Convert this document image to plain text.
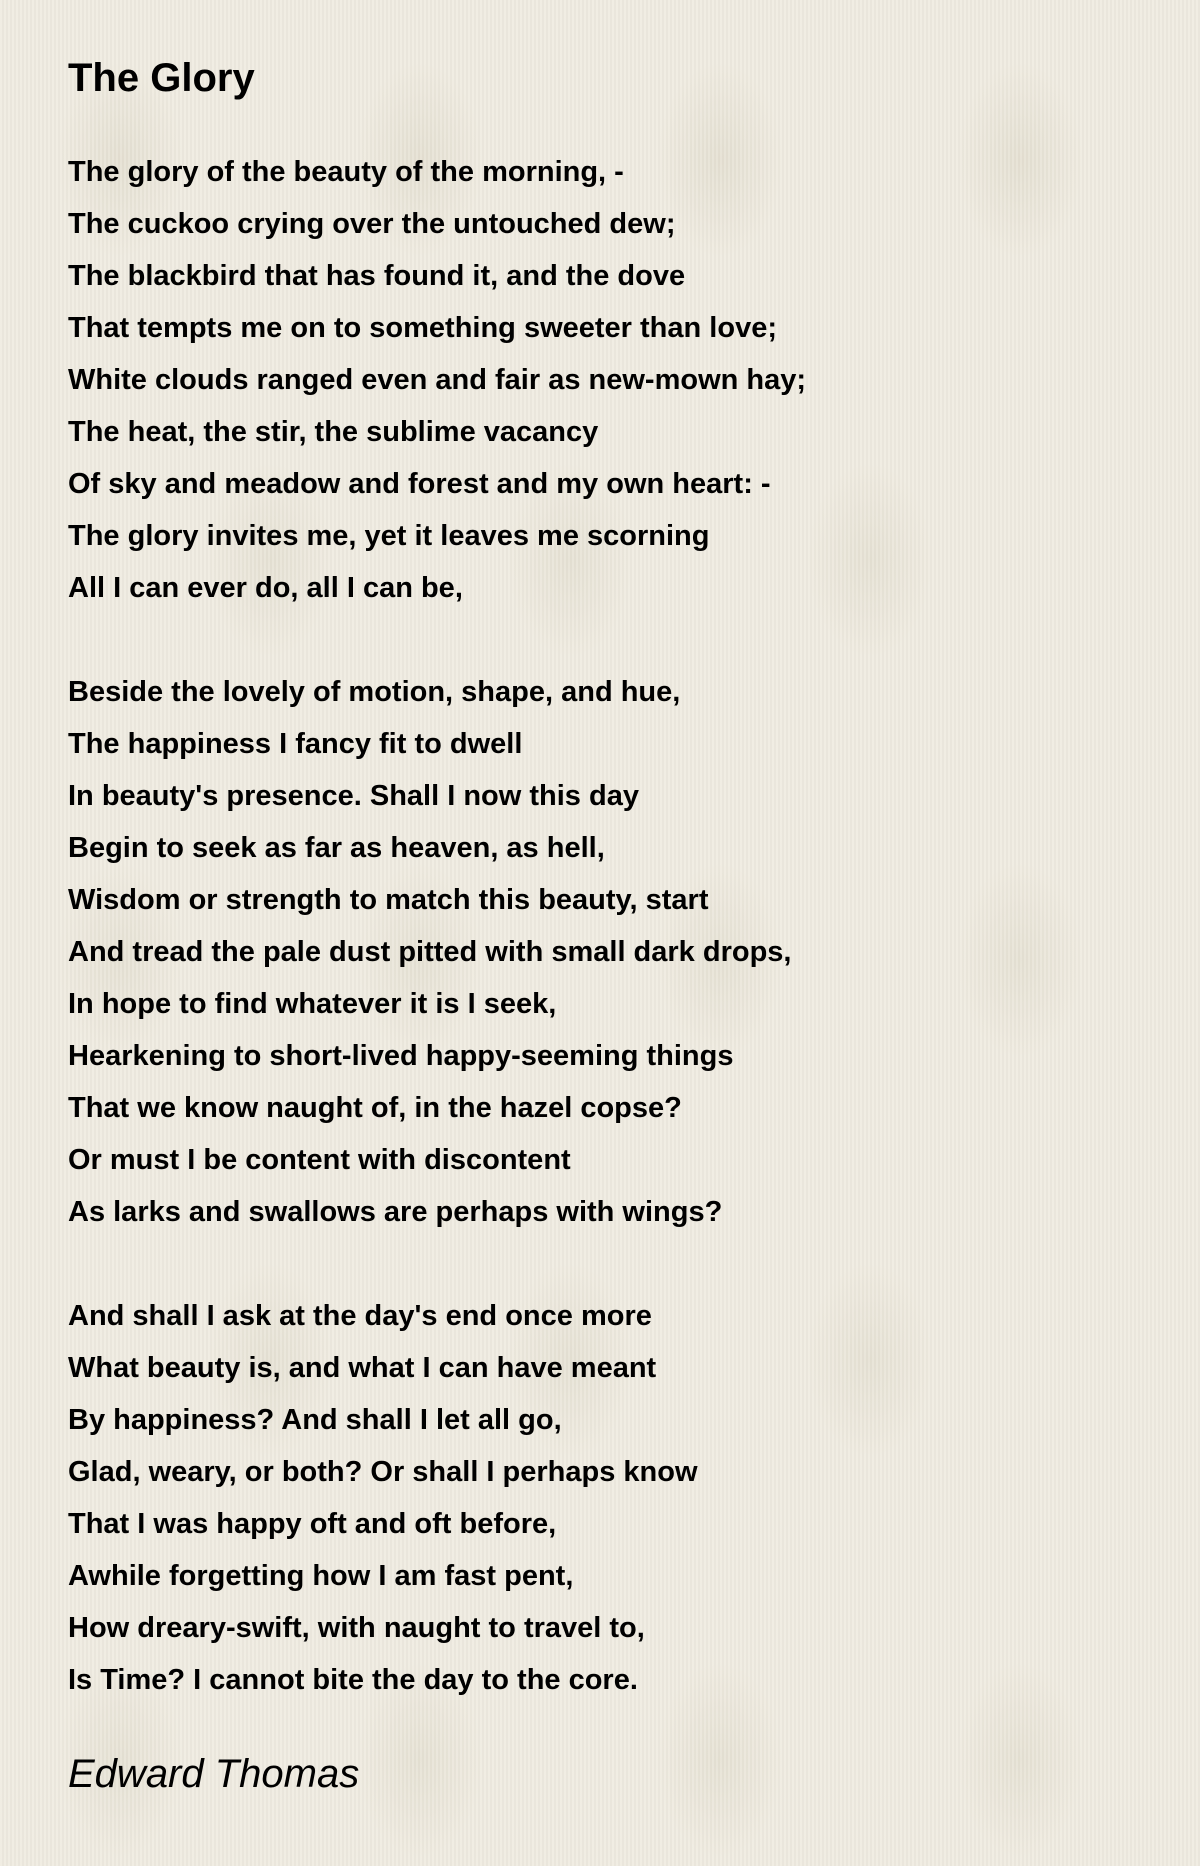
The Glory
The glory of the beauty of the morning, -
The cuckoo crying over the untouched dew;
The blackbird that has found it, and the dove
That tempts me on to something sweeter than love;
White clouds ranged even and fair as new-mown hay;
The heat, the stir, the sublime vacancy
Of sky and meadow and forest and my own heart: -
The glory invites me, yet it leaves me scorning
All I can ever do, all I can be,
Beside the lovely of motion, shape, and hue,
The happiness I fancy fit to dwell
In beauty's presence. Shall I now this day
Begin to seek as far as heaven, as hell,
Wisdom or strength to match this beauty, start
And tread the pale dust pitted with small dark drops,
In hope to find whatever it is I seek,
Hearkening to short-lived happy-seeming things
That we know naught of, in the hazel copse?
Or must I be content with discontent
As larks and swallows are perhaps with wings?
And shall I ask at the day's end once more
What beauty is, and what I can have meant
By happiness? And shall I let all go,
Glad, weary, or both? Or shall I perhaps know
That I was happy oft and oft before,
Awhile forgetting how I am fast pent,
How dreary-swift, with naught to travel to,
Is Time? I cannot bite the day to the core.
Edward Thomas
